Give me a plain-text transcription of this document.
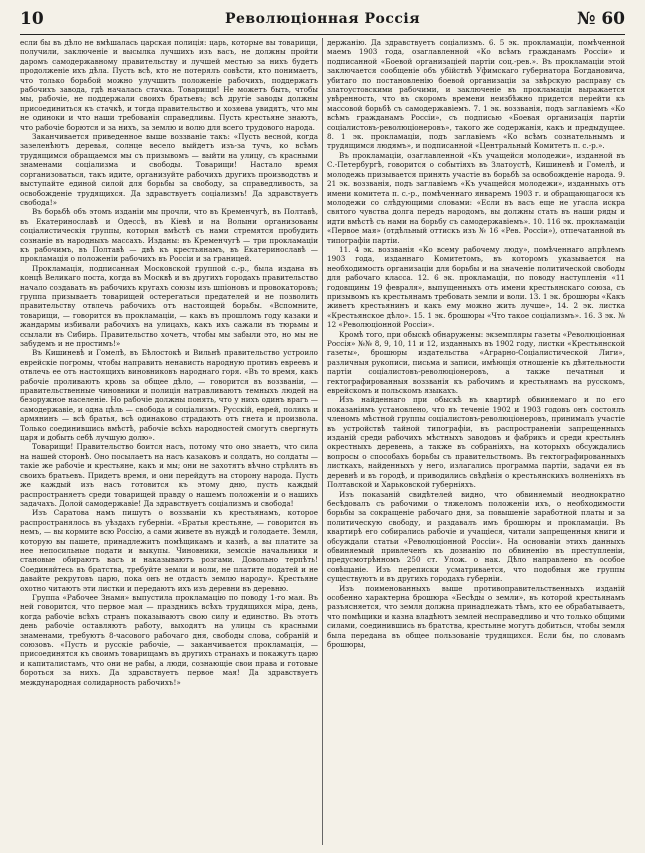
10	Революціонная Россія	№ 60

если бы въ дѣло не вмѣшалась царская полиція: царь, которые вы товарищи, получили, заключеніе и высылка лучшихъ изъ васъ, не должны пройти даромъ самодержавному правительству и лучшей местью за нихъ будетъ продолженіе ихъ дѣла. Пусть всѣ, кто не потерялъ совѣсти, кто понимаетъ, что только борьбой можно улучшить положеніе рабочихъ, поддержатъ рабочихъ завода, гдѣ началась стачка. Товарищи! Не можетъ быть, чтобы мы, рабочіе, не поддержали своихъ братьевъ; всѣ другіе заводы должны присоединиться къ стачкѣ, и тогда правительство и хозяева увидятъ, что мы не одиноки и что наши требованія справедливы. Пусть крестьяне знаютъ, что рабочіе борются и за нихъ, за землю и волю для всего трудового народа.

Заканчивается приведенное выше воззваніе такъ: «Пусть весной, когда зазеленѣютъ деревья, солнце весело выйдетъ изъ-за тучъ, ко всѣмъ трудящимся обращаемся мы съ призывомъ — выйти на улицу, съ красными знаменами соціализма и свободы. Товарищи! Настало время сорганизоваться, такъ идите, организуйте рабочихъ другихъ производствъ и выступайте единой силой для борьбы за свободу, за справедливость, за освобожденіе трудящихся. Да здравствуетъ соціализмъ! Да здравствуетъ свобода!»

Въ борьбѣ объ этомъ изданіи мы прочли, что въ Кременчугѣ, въ Полтавѣ, въ Екатеринославѣ и Одессѣ, въ Кіевѣ и на Волыни организованы соціалистическія группы, которыя вмѣстѣ съ нами стремятся пробудить сознаніе въ народныхъ массахъ. Изданы: въ Кременчугѣ — три прокламаціи къ рабочимъ, въ Полтавѣ — двѣ къ крестьянамъ, въ Екатеринославѣ — прокламація о положеніи рабочихъ въ Россіи и за границей.

Прокламація, подписанная Московской группой с.-р., была издана въ концѣ Великаго поста, когда въ Москвѣ и въ другихъ городахъ правительство начало создавать въ рабочихъ кругахъ союзы изъ шпіоновъ и провокаторовъ; группа призываетъ товарищей остерегаться предателей и не позволить правительству отвлечь рабочихъ отъ настоящей борьбы. «Вспомните, товарищи, — говорится въ прокламаціи, — какъ въ прошломъ году казаки и жандармы избивали рабочихъ на улицахъ, какъ ихъ сажали въ тюрьмы и ссылали въ Сибирь. Правительство хочетъ, чтобы мы забыли это, но мы не забудемъ и не простимъ!»

Въ Кишиневѣ и Гомелѣ, въ Бѣлостокѣ и Вильнѣ правительство устроило еврейскіе погромы, чтобы направить ненависть народную противъ евреевъ и отвлечь ее отъ настоящихъ виновниковъ народнаго горя. «Въ то время, какъ рабочіе проливаютъ кровь за общее дѣло, — говорится въ воззваніи, — правительственные чиновники и полиція натравливаютъ темныхъ людей на безоружное населеніе. Но рабочіе должны понять, что у нихъ одинъ врагъ — самодержавіе, и одна цѣль — свобода и соціализмъ. Русскій, еврей, полякъ и армянинъ — всѣ братья, всѣ одинаково страдаютъ отъ гнета и произвола. Только соединившись вмѣстѣ, рабочіе всѣхъ народностей смогутъ свергнуть царя и добыть себѣ лучшую долю».

Товарищи! Правительство боится насъ, потому что оно знаетъ, что сила на нашей сторонѣ. Оно посылаетъ на насъ казаковъ и солдатъ, но солдаты — такіе же рабочіе и крестьяне, какъ и мы; они не захотятъ вѣчно стрѣлять въ своихъ братьевъ. Придетъ время, и они перейдутъ на сторону народа. Пусть же каждый изъ насъ готовится къ этому дню, пусть каждый распространяетъ среди товарищей правду о нашемъ положеніи и о нашихъ задачахъ. Долой самодержавіе! Да здравствуетъ соціализмъ и свобода!

Изъ Саратова намъ пишутъ о воззваніи къ крестьянамъ, которое распространялось въ уѣздахъ губерніи. «Братья крестьяне, — говорится въ немъ, — вы кормите всю Россію, а сами живете въ нуждѣ и голодаете. Земля, которую вы пашете, принадлежитъ помѣщикамъ и казнѣ, а вы платите за нее непосильные подати и выкупы. Чиновники, земскіе начальники и становые обираютъ васъ и наказываютъ розгами. Довольно терпѣть! Соединяйтесь въ братства, требуйте земли и воли, не платите податей и не давайте рекрутовъ царю, пока онъ не отдастъ землю народу». Крестьяне охотно читаютъ эти листки и передаютъ ихъ изъ деревни въ деревню.

Группа «Рабочее Знамя» выпустила прокламацію по поводу 1-го мая. Въ ней говорится, что первое мая — праздникъ всѣхъ трудящихся міра, день, когда рабочіе всѣхъ странъ показываютъ свою силу и единство. Въ этотъ день рабочіе оставляютъ работу, выходятъ на улицы съ красными знаменами, требуютъ 8-часового рабочаго дня, свободы слова, собраній и союзовъ. «Пусть и русскіе рабочіе, — заканчивается прокламація, — присоединятся къ своимъ товарищамъ въ другихъ странахъ и покажутъ царю и капиталистамъ, что они не рабы, а люди, сознающіе свои права и готовые бороться за нихъ. Да здравствуетъ первое мая! Да здравствуетъ международная солидарность рабочихъ!»

держанію. Да здравствуетъ соціализмъ. 6. 5 эк. прокламаціи, помѣченной маемъ 1903 года, озаглавленной «Ко всѣмъ гражданамъ Россіи» и подписанной «Боевой организаціей партіи соц.-рев.». Въ прокламаціи этой заключается сообщеніе объ убійствѣ Уфимскаго губернатора Богдановича, убитаго по постановленію боевой организаціи за звѣрскую расправу съ златоустовскими рабочими, и заключеніе въ прокламаціи выражается увѣренность, что въ скоромъ времени неизбѣжно придется перейти къ массовой борьбѣ съ самодержавіемъ. 7. 1 эк. воззванія, подъ заглавіемъ «Ко всѣмъ гражданамъ Россіи», съ подписью «Боевая организація партіи соціалистовъ-революціонеровъ», такого же содержанія, какъ и предыдущее. 8. 1 эк. прокламаціи, подъ заглавіемъ «Ко всѣмъ сознательнымъ и трудящимся людямъ», и подписанной «Центральный Комитетъ п. с.-р.».

Въ прокламаціи, озаглавленной «Къ учащейся молодежи», изданной въ С.-Петербургѣ, говорится о событіяхъ въ Златоустѣ, Кишиневѣ и Гомелѣ, и молодежь призывается принять участіе въ борьбѣ за освобожденіе народа. 9. 21 эк. воззванія, подъ заглавіемъ «Къ учащейся молодежи», изданныхъ отъ имени комитета п. с.-р., помѣченнаго январемъ 1903 г. и обращающагося къ молодежи со слѣдующими словами: «Если въ васъ еще не угасла искра святого чувства долга передъ народомъ, вы должны стать въ наши ряды и идти вмѣстѣ съ нами на борьбу съ самодержавіемъ». 10. 116 эк. прокламаціи «Первое мая» (отдѣльный оттискъ изъ № 16 «Рев. Россіи»), отпечатанной въ типографіи партіи.

11. 4 эк. воззванія «Ко всему рабочему люду», помѣченнаго апрѣлемъ 1903 года, изданнаго Комитетомъ, въ которомъ указывается на необходимость организаціи для борьбы и на значеніе политической свободы для рабочаго класса. 12. 6 эк. прокламаціи, по поводу наступленія «11 годовщины 19 февраля», выпущенныхъ отъ имени крестьянскаго союза, съ призывомъ къ крестьянамъ требовать земли и воли. 13. 1 эк. брошюры «Какъ живетъ крестьянинъ и какъ ему можно жить лучше», 14. 2 эк. листка «Крестьянское дѣло». 15. 1 эк. брошюры «Что такое соціализмъ». 16. 3 эк. № 12 «Революціонной Россіи».

Кромѣ того, при обыскѣ обнаружены: экземпляры газеты «Революціонная Россія» №№ 8, 9, 10, 11 и 12, изданныхъ въ 1902 году, листки «Крестьянской газеты», брошюры издательства «Аграрно-Соціалистической Лиги», различныя рукописи, письма и записи, имѣющія отношеніе къ дѣятельности партіи соціалистовъ-революціонеровъ, а также печатныя и гектографированныя воззванія къ рабочимъ и крестьянамъ на русскомъ, еврейскомъ и польскомъ языкахъ.

Изъ найденнаго при обыскѣ въ квартирѣ обвиняемаго и по его показаніямъ установлено, что въ теченіе 1902 и 1903 годовъ онъ состоялъ членомъ мѣстной группы соціалистовъ-революціонеровъ, принималъ участіе въ устройствѣ тайной типографіи, въ распространеніи запрещенныхъ изданій среди рабочихъ мѣстныхъ заводовъ и фабрикъ и среди крестьянъ окрестныхъ деревень, а также въ собраніяхъ, на которыхъ обсуждались вопросы о способахъ борьбы съ правительствомъ. Въ гектографированныхъ листкахъ, найденныхъ у него, излагались программа партіи, задачи ея въ деревнѣ и въ городѣ, и приводились свѣдѣнія о крестьянскихъ волненіяхъ въ Полтавской и Харьковской губерніяхъ.

Изъ показаній свидѣтелей видно, что обвиняемый неоднократно бесѣдовалъ съ рабочими о тяжеломъ положеніи ихъ, о необходимости борьбы за сокращеніе рабочаго дня, за повышеніе заработной платы и за политическую свободу, и раздавалъ имъ брошюры и прокламаціи. Въ квартирѣ его собирались рабочіе и учащіеся, читали запрещенныя книги и обсуждали статьи «Революціонной Россіи». На основаніи этихъ данныхъ обвиняемый привлеченъ къ дознанію по обвиненію въ преступленіи, предусмотрѣнномъ 250 ст. Улож. о нак. Дѣло направлено въ особое совѣщаніе. Изъ переписки усматривается, что подобныя же группы существуютъ и въ другихъ городахъ губерніи.

Изъ поименованныхъ выше противоправительственныхъ изданій особенно характерна брошюра «Бесѣды о земли», въ которой крестьянамъ разъясняется, что земля должна принадлежать тѣмъ, кто ее обрабатываетъ, что помѣщики и казна владѣютъ землей несправедливо и что только общими силами, соединившись въ братства, крестьяне могутъ добиться, чтобы земля была передана въ общее пользованіе трудящихся. Если бы, по словамъ брошюры,
